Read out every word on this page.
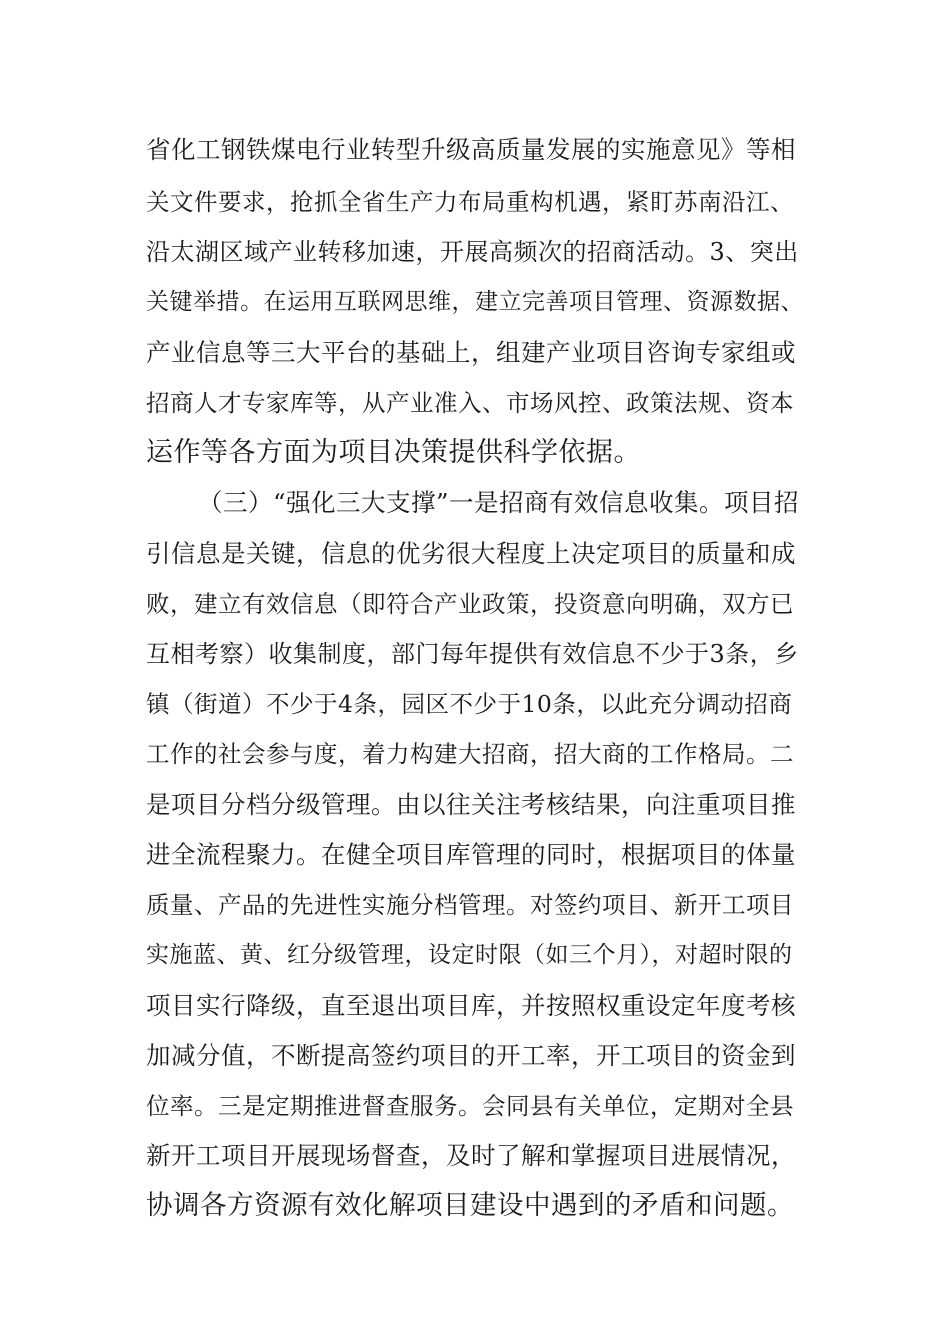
省化工钢铁煤电行业转型升级高质量发展的实施意见》等相
关文件要求，抢抓全省生产力布局重构机遇，紧盯苏南沿江、
沿太湖区域产业转移加速，开展高频次的招商活动。3、突出
关键举措。在运用互联网思维，建立完善项目管理、资源数据、
产业信息等三大平台的基础上，组建产业项目咨询专家组或
招商人才专家库等，从产业准入、市场风控、政策法规、资本
运作等各方面为项目决策提供科学依据。
（三）“强化三大支撑”一是招商有效信息收集。项目招
引信息是关键，信息的优劣很大程度上决定项目的质量和成
败，建立有效信息（即符合产业政策，投资意向明确，双方已
互相考察）收集制度，部门每年提供有效信息不少于3条，乡
镇（街道）不少于4条，园区不少于10条，以此充分调动招商
工作的社会参与度，着力构建大招商，招大商的工作格局。二
是项目分档分级管理。由以往关注考核结果，向注重项目推
进全流程聚力。在健全项目库管理的同时，根据项目的体量
质量、产品的先进性实施分档管理。对签约项目、新开工项目
实施蓝、黄、红分级管理，设定时限（如三个月），对超时限的
项目实行降级，直至退出项目库，并按照权重设定年度考核
加减分值，不断提高签约项目的开工率，开工项目的资金到
位率。三是定期推进督查服务。会同县有关单位，定期对全县
新开工项目开展现场督查，及时了解和掌握项目进展情况，
协调各方资源有效化解项目建设中遇到的矛盾和问题。
